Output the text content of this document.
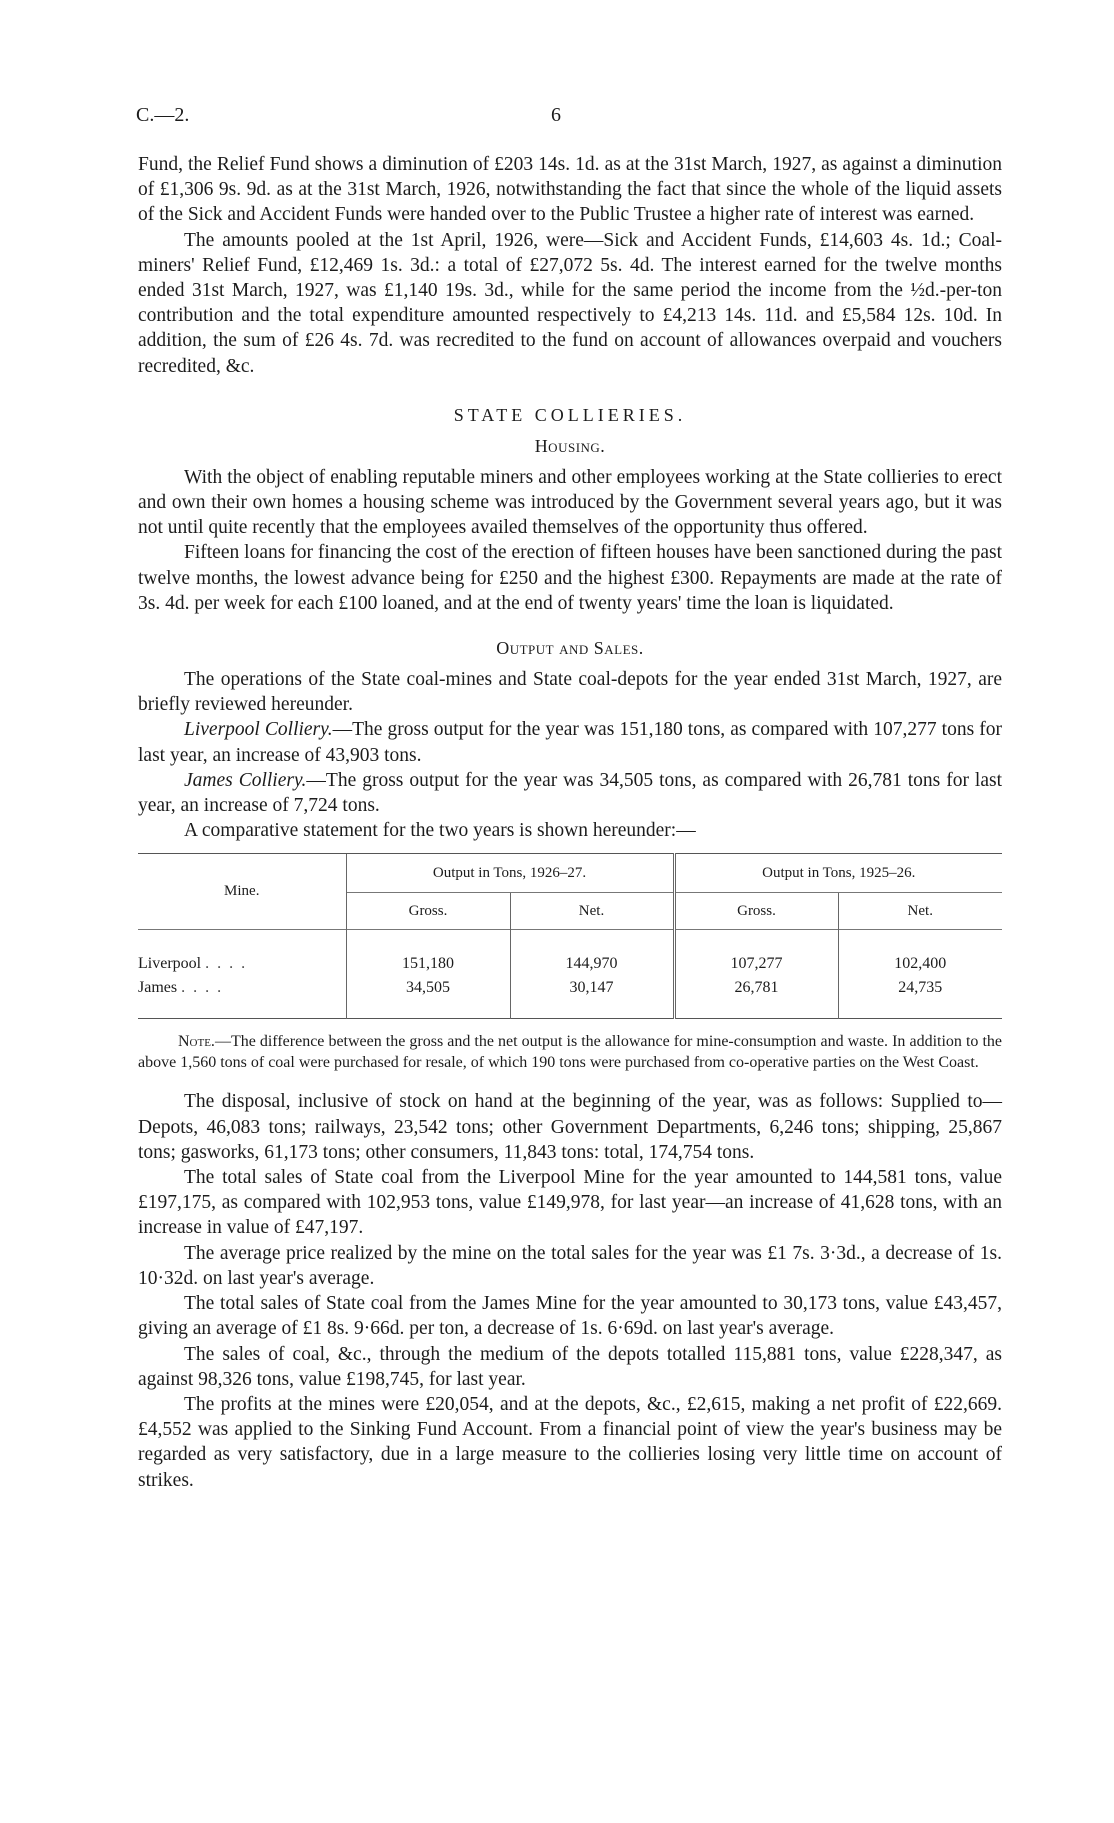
C.—2.	6

Fund, the Relief Fund shows a diminution of £203 14s. 1d. as at the 31st March, 1927, as against a diminution of £1,306 9s. 9d. as at the 31st March, 1926, notwithstanding the fact that since the whole of the liquid assets of the Sick and Accident Funds were handed over to the Public Trustee a higher rate of interest was earned.

The amounts pooled at the 1st April, 1926, were—Sick and Accident Funds, £14,603 4s. 1d.; Coal-miners' Relief Fund, £12,469 1s. 3d.: a total of £27,072 5s. 4d. The interest earned for the twelve months ended 31st March, 1927, was £1,140 19s. 3d., while for the same period the income from the ½d.-per-ton contribution and the total expenditure amounted respectively to £4,213 14s. 11d. and £5,584 12s. 10d. In addition, the sum of £26 4s. 7d. was recredited to the fund on account of allowances overpaid and vouchers recredited, &c.

STATE COLLIERIES.
Housing.

With the object of enabling reputable miners and other employees working at the State collieries to erect and own their own homes a housing scheme was introduced by the Government several years ago, but it was not until quite recently that the employees availed themselves of the opportunity thus offered.

Fifteen loans for financing the cost of the erection of fifteen houses have been sanctioned during the past twelve months, the lowest advance being for £250 and the highest £300. Repayments are made at the rate of 3s. 4d. per week for each £100 loaned, and at the end of twenty years' time the loan is liquidated.

Output and Sales.

The operations of the State coal-mines and State coal-depots for the year ended 31st March, 1927, are briefly reviewed hereunder.

Liverpool Colliery.—The gross output for the year was 151,180 tons, as compared with 107,277 tons for last year, an increase of 43,903 tons.

James Colliery.—The gross output for the year was 34,505 tons, as compared with 26,781 tons for last year, an increase of 7,724 tons.

A comparative statement for the two years is shown hereunder:—

Mine.	Output in Tons, 1926–27.		Output in Tons, 1925–26.	
	Gross.	Net.	Gross.	Net.
Liverpool . . . .	151,180	144,970	107,277	102,400
James . . . .	34,505	30,147	26,781	24,735
Note.—The difference between the gross and the net output is the allowance for mine-consumption and waste. In addition to the above 1,560 tons of coal were purchased for resale, of which 190 tons were purchased from co-operative parties on the West Coast.

The disposal, inclusive of stock on hand at the beginning of the year, was as follows: Supplied to—Depots, 46,083 tons; railways, 23,542 tons; other Government Departments, 6,246 tons; shipping, 25,867 tons; gasworks, 61,173 tons; other consumers, 11,843 tons: total, 174,754 tons.

The total sales of State coal from the Liverpool Mine for the year amounted to 144,581 tons, value £197,175, as compared with 102,953 tons, value £149,978, for last year—an increase of 41,628 tons, with an increase in value of £47,197.

The average price realized by the mine on the total sales for the year was £1 7s. 3·3d., a decrease of 1s. 10·32d. on last year's average.

The total sales of State coal from the James Mine for the year amounted to 30,173 tons, value £43,457, giving an average of £1 8s. 9·66d. per ton, a decrease of 1s. 6·69d. on last year's average.

The sales of coal, &c., through the medium of the depots totalled 115,881 tons, value £228,347, as against 98,326 tons, value £198,745, for last year.

The profits at the mines were £20,054, and at the depots, &c., £2,615, making a net profit of £22,669. £4,552 was applied to the Sinking Fund Account. From a financial point of view the year's business may be regarded as very satisfactory, due in a large measure to the collieries losing very little time on account of strikes.
